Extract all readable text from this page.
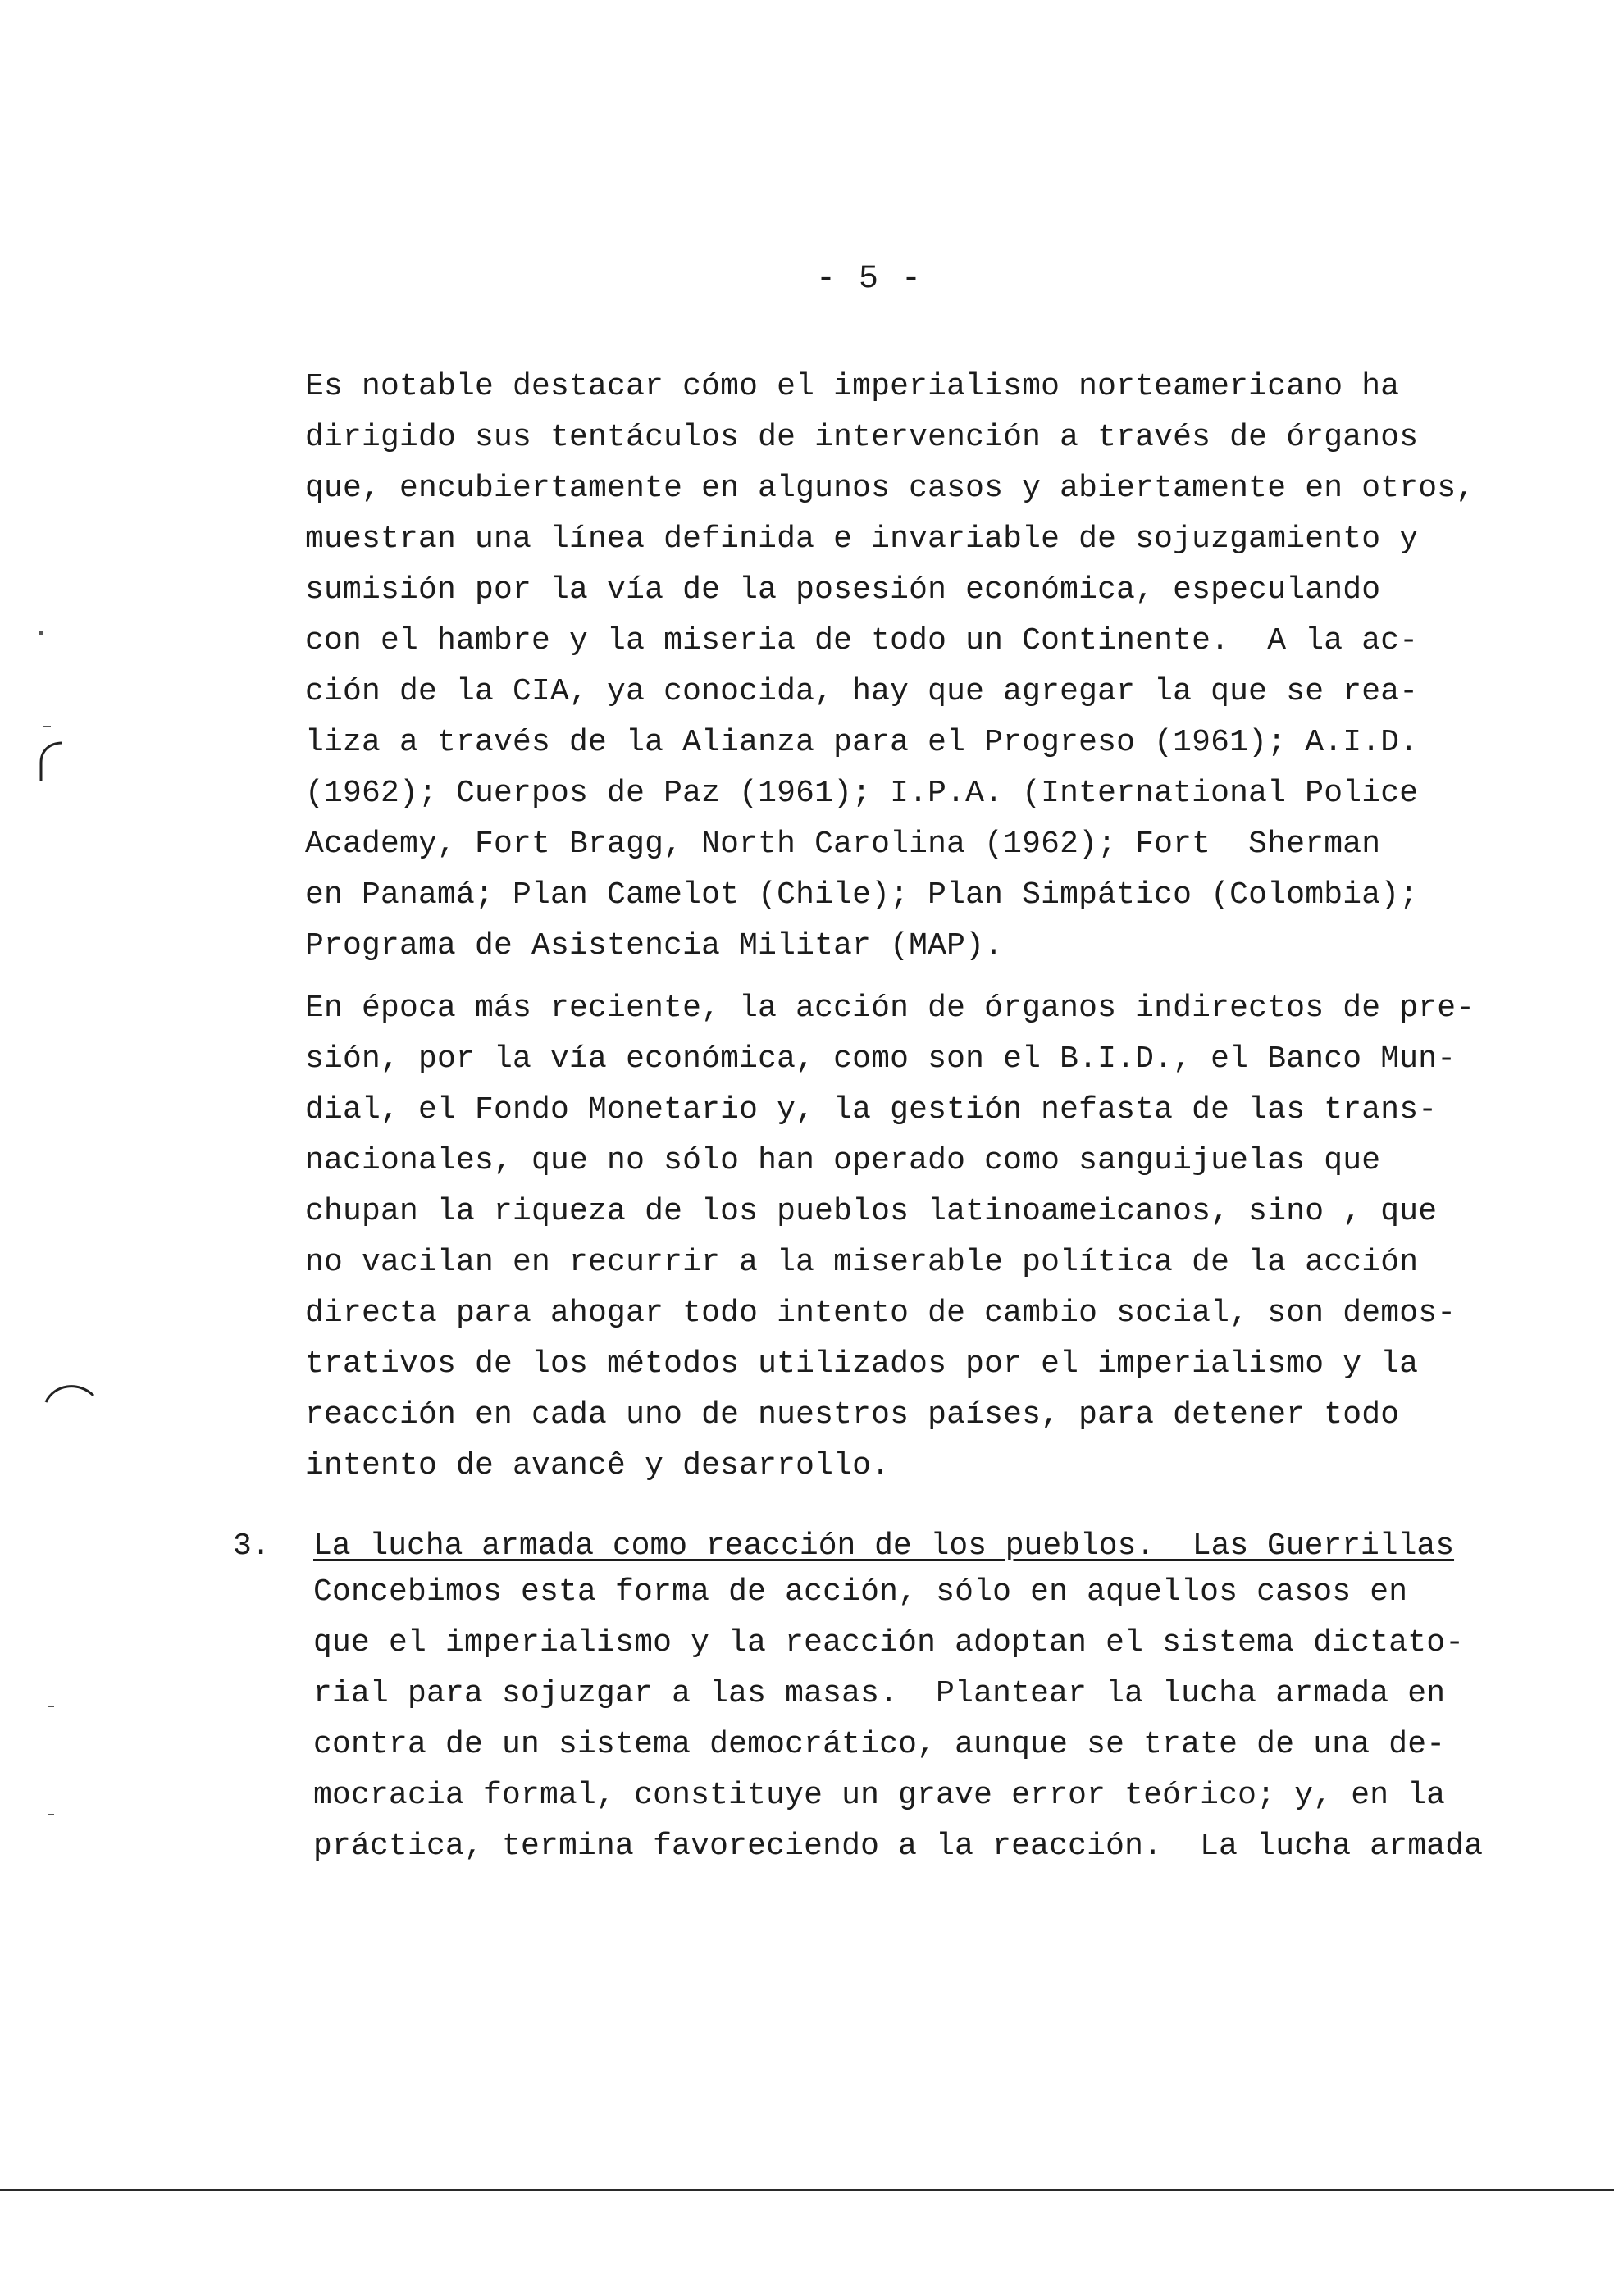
- 5 -
Es notable destacar cómo el imperialismo norteamericano ha
dirigido sus tentáculos de intervención a través de órganos
que, encubiertamente en algunos casos y abiertamente en otros,
muestran una línea definida e invariable de sojuzgamiento y
sumisión por la vía de la posesión económica, especulando
con el hambre y la miseria de todo un Continente.  A la ac-
ción de la CIA, ya conocida, hay que agregar la que se rea-
liza a través de la Alianza para el Progreso (1961); A.I.D.
(1962); Cuerpos de Paz (1961); I.P.A. (International Police
Academy, Fort Bragg, North Carolina (1962); Fort  Sherman
en Panamá; Plan Camelot (Chile); Plan Simpático (Colombia);
Programa de Asistencia Militar (MAP).
En época más reciente, la acción de órganos indirectos de pre-
sión, por la vía económica, como son el B.I.D., el Banco Mun-
dial, el Fondo Monetario y, la gestión nefasta de las trans-
nacionales, que no sólo han operado como sanguijuelas que
chupan la riqueza de los pueblos latinoameicanos, sino , que
no vacilan en recurrir a la miserable política de la acción
directa para ahogar todo intento de cambio social, son demos-
trativos de los métodos utilizados por el imperialismo y la
reacción en cada uno de nuestros países, para detener todo
intento de avancê y desarrollo.
3. La lucha armada como reacción de los pueblos.  Las Guerrillas
Concebimos esta forma de acción, sólo en aquellos casos en
que el imperialismo y la reacción adoptan el sistema dictato-
rial para sojuzgar a las masas.  Plantear la lucha armada en
contra de un sistema democrático, aunque se trate de una de-
mocracia formal, constituye un grave error teórico; y, en la
práctica, termina favoreciendo a la reacción.  La lucha armada
